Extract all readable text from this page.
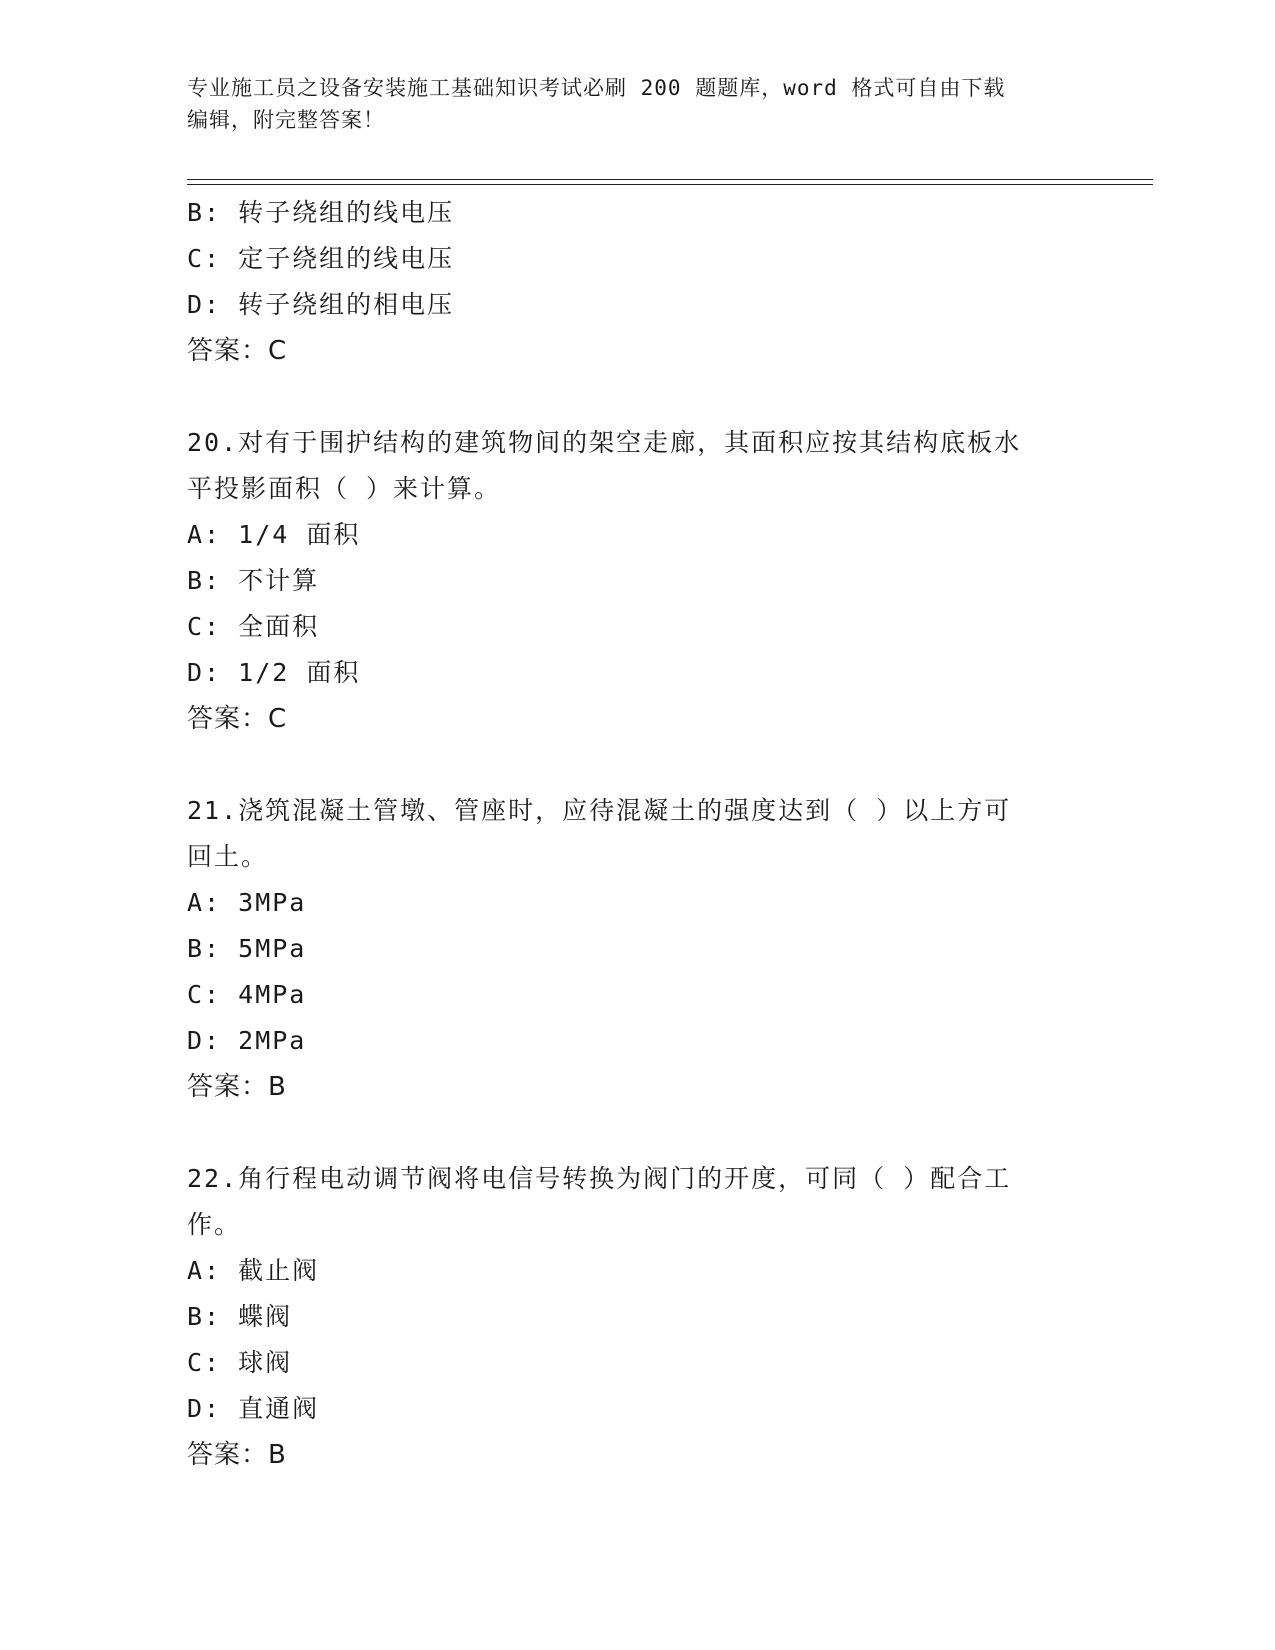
专业施工员之设备安装施工基础知识考试必刷 200 题题库，word 格式可自由下载
编辑，附完整答案！
B: 转子绕组的线电压
C: 定子绕组的线电压
D: 转子绕组的相电压
答案：C
20.对有于围护结构的建筑物间的架空走廊，其面积应按其结构底板水
平投影面积（ ）来计算。
A: 1/4 面积
B: 不计算
C: 全面积
D: 1/2 面积
答案：C
21.浇筑混凝土管墩、管座时，应待混凝土的强度达到（ ）以上方可
回土。
A: 3MPa
B: 5MPa
C: 4MPa
D: 2MPa
答案：B
22.角行程电动调节阀将电信号转换为阀门的开度，可同（ ）配合工
作。
A: 截止阀
B: 蝶阀
C: 球阀
D: 直通阀
答案：B
